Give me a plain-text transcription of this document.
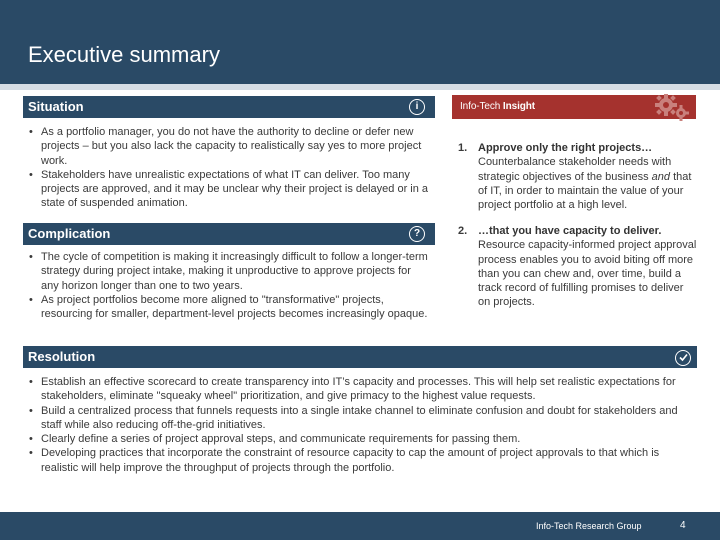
Executive summary
Situation	i
• As a portfolio manager, you do not have the authority to decline or defer new projects – but you also lack the capacity to realistically say yes to more project work.
• Stakeholders have unrealistic expectations of what IT can deliver. Too many projects are approved, and it may be unclear why their project is delayed or in a state of suspended animation.
Complication	?
• The cycle of competition is making it increasingly difficult to follow a longer-term strategy during project intake, making it unproductive to approve projects for any horizon longer than one to two years.
• As project portfolios become more aligned to "transformative" projects, resourcing for smaller, department-level projects becomes increasingly opaque.
Info-Tech Insight
1. Approve only the right projects…
Counterbalance stakeholder needs with strategic objectives of the business and that of IT, in order to maintain the value of your project portfolio at a high level.
2. …that you have capacity to deliver.
Resource capacity-informed project approval process enables you to avoid biting off more than you can chew and, over time, build a track record of fulfilling promises to deliver on projects.
Resolution
• Establish an effective scorecard to create transparency into IT’s capacity and processes. This will help set realistic expectations for stakeholders, eliminate "squeaky wheel" prioritization, and give primacy to the highest value requests.
• Build a centralized process that funnels requests into a single intake channel to eliminate confusion and doubt for stakeholders and staff while also reducing off-the-grid initiatives.
• Clearly define a series of project approval steps, and communicate requirements for passing them.
• Developing practices that incorporate the constraint of resource capacity to cap the amount of project approvals to that which is realistic will help improve the throughput of projects through the portfolio.
Info-Tech Research Group	4
